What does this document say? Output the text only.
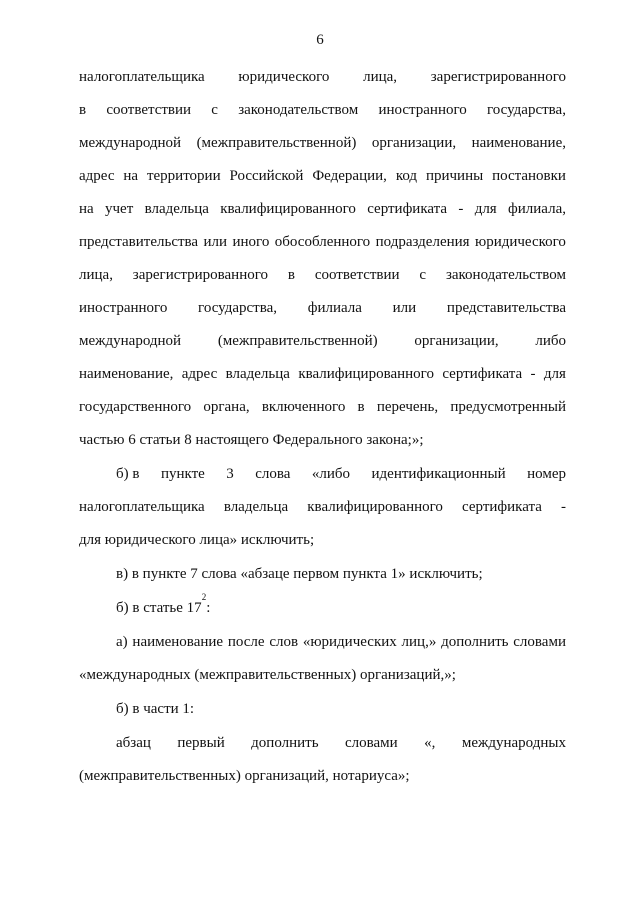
6
налогоплательщика юридического лица, зарегистрированного
в соответствии с законодательством иностранного государства,
международной (межправительственной) организации, наименование,
адрес на территории Российской Федерации, код причины постановки
на учет владельца квалифицированного сертификата - для филиала,
представительства или иного обособленного подразделения юридического
лица, зарегистрированного в соответствии с законодательством
иностранного государства, филиала или представительства
международной (межправительственной) организации, либо
наименование, адрес владельца квалифицированного сертификата - для
государственного органа, включенного в перечень, предусмотренный
частью 6 статьи 8 настоящего Федерального закона;»;
б) в пункте 3 слова «либо идентификационный номер
налогоплательщика владельца квалифицированного сертификата -
для юридического лица» исключить;
в) в пункте 7 слова «абзаце первом пункта 1» исключить;
б) в статье 17
2
:
а) наименование после слов «юридических лиц,» дополнить словами
«международных (межправительственных) организаций,»;
б) в части 1:
абзац первый дополнить словами «, международных
(межправительственных) организаций, нотариуса»;
